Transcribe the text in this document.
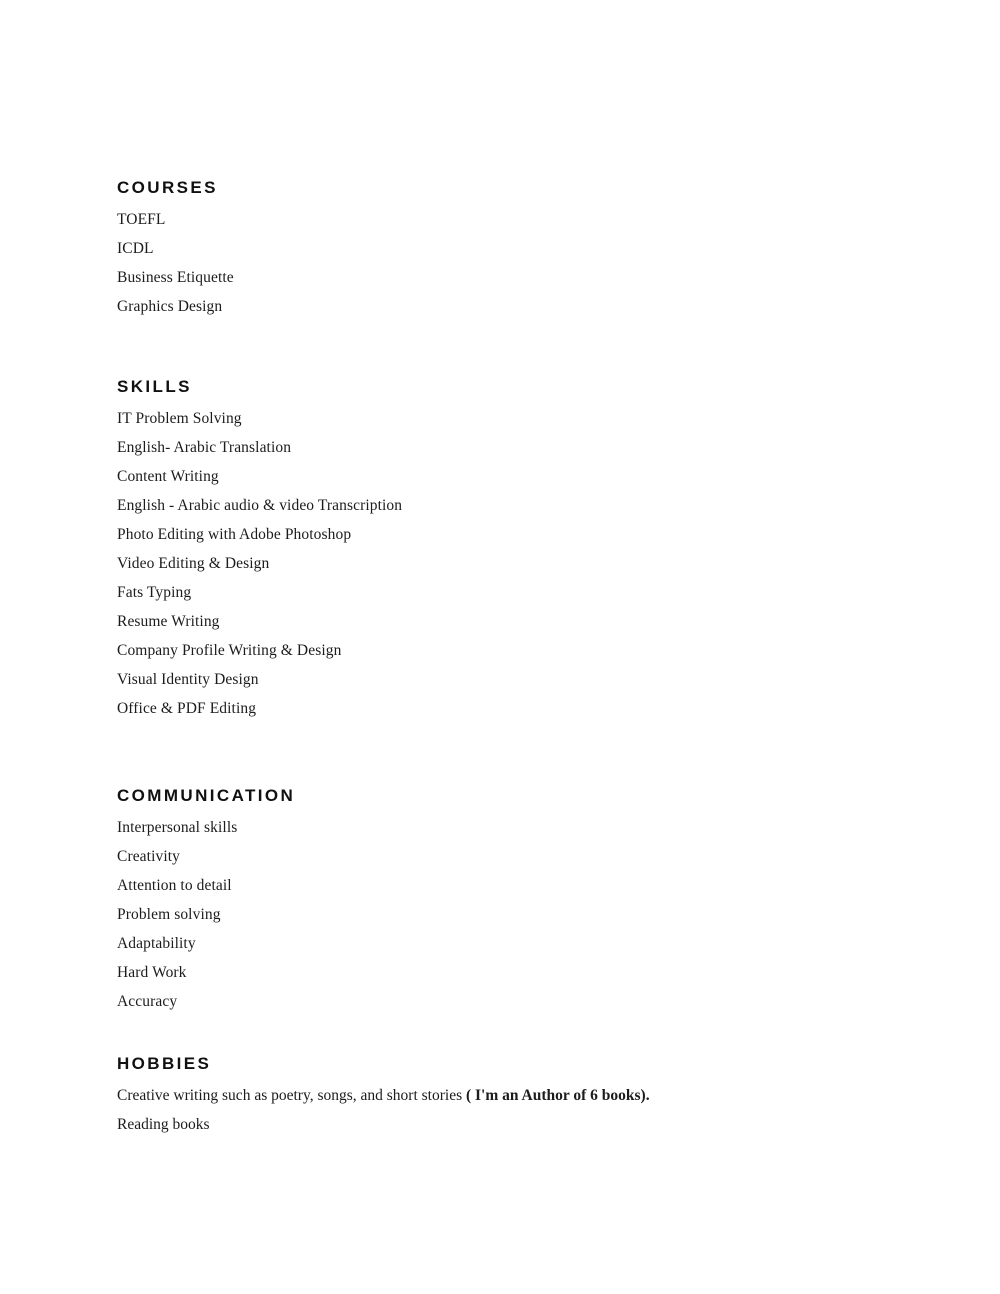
COURSES
TOEFL
ICDL
Business Etiquette
Graphics Design
SKILLS
IT Problem Solving
English- Arabic Translation
Content Writing
English - Arabic audio & video Transcription
Photo Editing with Adobe Photoshop
Video Editing & Design
Fats Typing
Resume Writing
Company Profile Writing & Design
Visual Identity Design
Office & PDF Editing
COMMUNICATION
Interpersonal skills
Creativity
Attention to detail
Problem solving
Adaptability
Hard Work
Accuracy
HOBBIES
Creative writing such as poetry, songs, and short stories ( I'm an Author of 6 books).
Reading books
